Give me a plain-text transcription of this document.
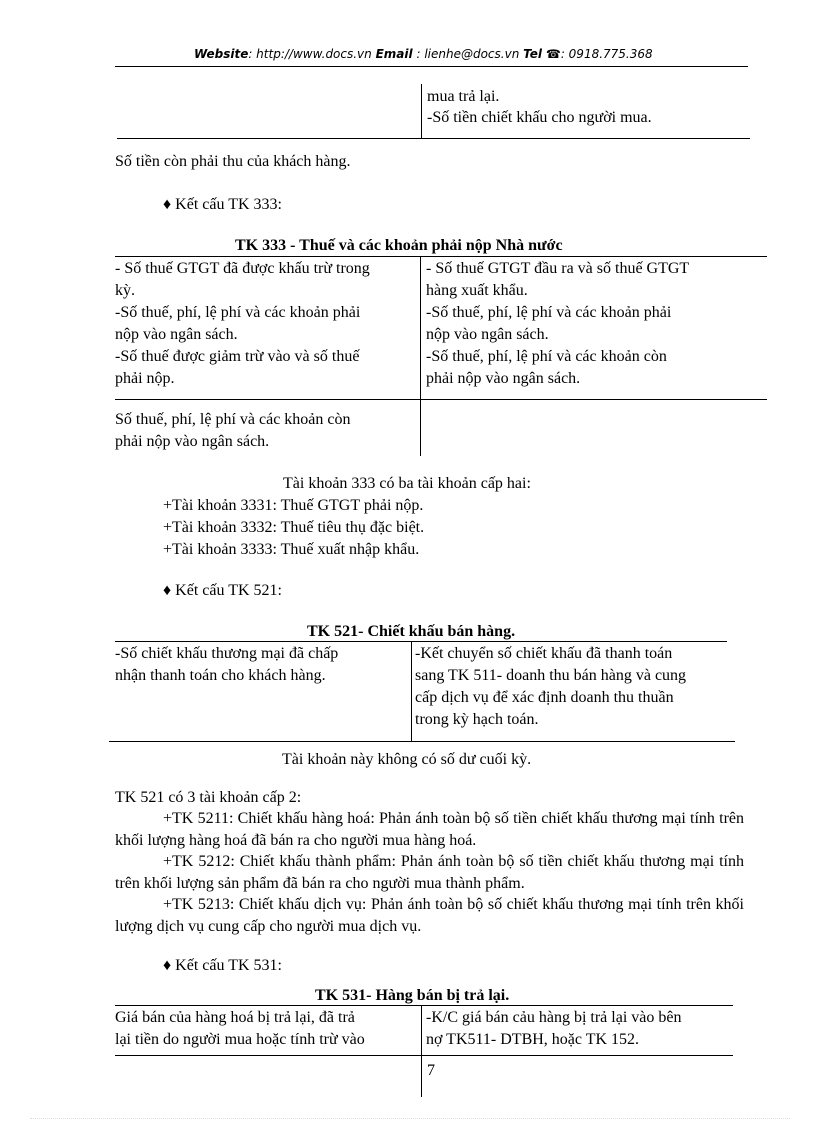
Website: http://www.docs.vn Email : lienhe@docs.vn Tel ☎: 0918.775.368
mua trả lại.
-Số tiền chiết khấu cho người mua.
Số tiền còn phải thu của khách hàng.
♦ Kết cấu TK 333:
TK 333 - Thuế và các khoản phải nộp Nhà nước
- Số thuế GTGT đã được khấu trừ trong
kỳ.
-Số thuế, phí, lệ phí và các khoản phải
nộp vào ngân sách.
-Số thuế được giảm trừ vào và số thuế
phải nộp.
- Số thuế GTGT đầu ra và số thuế GTGT
hàng xuất khẩu.
-Số thuế, phí, lệ phí và các khoản phải
nộp vào ngân sách.
-Số thuế, phí, lệ phí và các khoản còn
phải nộp vào ngân sách.
Số thuế, phí, lệ phí và các khoản còn
phải nộp vào ngân sách.
Tài khoản 333 có ba tài khoản cấp hai:
+Tài khoản 3331: Thuế GTGT phải nộp.
+Tài khoản 3332: Thuế tiêu thụ đặc biệt.
+Tài khoản 3333: Thuế xuất nhập khẩu.
♦ Kết cấu TK 521:
TK 521- Chiết khấu bán hàng.
-Số chiết khấu thương mại đã chấp
nhận thanh toán cho khách hàng.
-Kết chuyển số chiết khấu đã thanh toán
sang TK 511- doanh thu bán hàng và cung
cấp dịch vụ để xác định doanh thu thuần
trong kỳ hạch toán.
Tài khoản này không có số dư cuối kỳ.
TK 521 có 3 tài khoản cấp 2:
+TK 5211: Chiết khấu hàng hoá: Phản ánh toàn bộ số tiền chiết khấu thương mại tính trên khối lượng hàng hoá đã bán ra cho người mua hàng hoá.
+TK 5212: Chiết khấu thành phẩm: Phản ánh toàn bộ số tiền chiết khấu thương mại tính trên khối lượng sản phẩm đã bán ra cho người mua thành phẩm.
+TK 5213: Chiết khấu dịch vụ: Phản ánh toàn bộ số chiết khấu thương mại tính trên khối lượng dịch vụ cung cấp cho người mua dịch vụ.
♦ Kết cấu TK 531:
TK 531- Hàng bán bị trả lại.
Giá bán của hàng hoá bị trả lại, đã trả
lại tiền do người mua hoặc tính trừ vào
-K/C giá bán cảu hàng bị trả lại vào bên
nợ TK511- DTBH, hoặc TK 152.
7
